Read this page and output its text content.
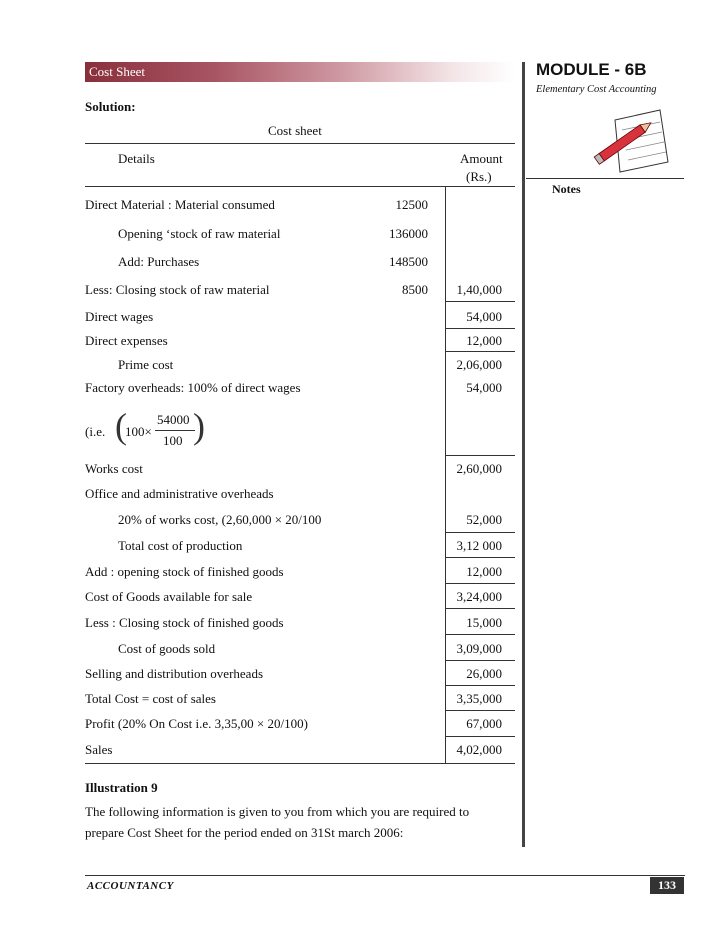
Cost Sheet	MODULE - 6B
Elementary Cost Accounting
Notes
Solution:
Cost sheet
Details	Amount
(Rs.)
Direct Material : Material consumed	12500
Opening ‘stock of raw material	136000
Add: Purchases	148500
Less: Closing stock of raw material	8500	1,40,000
Direct wages	54,000
Direct expenses	12,000
Prime cost	2,06,000
Factory overheads: 100% of direct wages	54,000
(i.e. (
100×
54000
100 )
Works cost	2,60,000
Office and administrative overheads
20% of works cost, (2,60,000 × 20/100	52,000
Total cost of production	3,12 000
Add : opening stock of finished goods	12,000
Cost of Goods available for sale	3,24,000
Less : Closing stock of finished goods	15,000
Cost of goods sold	3,09,000
Selling and distribution overheads	26,000
Total Cost = cost of sales	3,35,000
Profit (20% On Cost i.e. 3,35,00 × 20/100)	67,000
Sales	4,02,000
Illustration 9
The following information is given to you from which you are required to
prepare Cost Sheet for the period ended on 31St march 2006:
ACCOUNTANCY	133
